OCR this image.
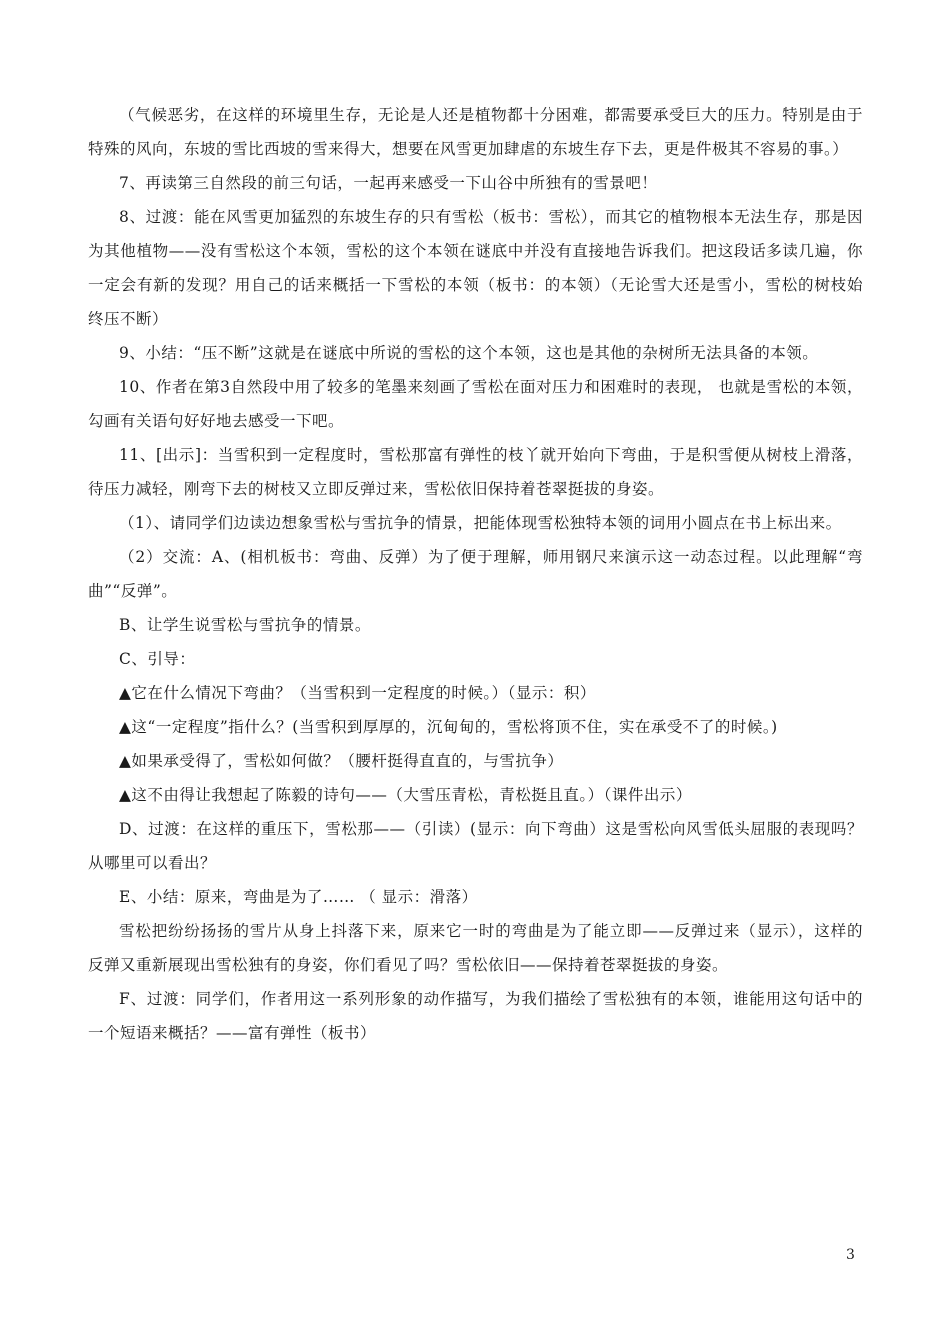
（气候恶劣，在这样的环境里生存，无论是人还是植物都十分困难，都需要承受巨大的压力。特别是由于特殊的风向，东坡的雪比西坡的雪来得大，想要在风雪更加肆虐的东坡生存下去，更是件极其不容易的事。）

7、再读第三自然段的前三句话，一起再来感受一下山谷中所独有的雪景吧！

8、过渡：能在风雪更加猛烈的东坡生存的只有雪松（板书：雪松），而其它的植物根本无法生存，那是因为其他植物——没有雪松这个本领，雪松的这个本领在谜底中并没有直接地告诉我们。把这段话多读几遍，你一定会有新的发现？用自己的话来概括一下雪松的本领（板书：的本领）（无论雪大还是雪小，雪松的树枝始终压不断）

9、小结：“压不断”这就是在谜底中所说的雪松的这个本领，这也是其他的杂树所无法具备的本领。

10、作者在第3自然段中用了较多的笔墨来刻画了雪松在面对压力和困难时的表现， 也就是雪松的本领，勾画有关语句好好地去感受一下吧。

11、[出示]：当雪积到一定程度时，雪松那富有弹性的枝丫就开始向下弯曲，于是积雪便从树枝上滑落，待压力减轻，刚弯下去的树枝又立即反弹过来，雪松依旧保持着苍翠挺拔的身姿。

（1）、请同学们边读边想象雪松与雪抗争的情景，把能体现雪松独特本领的词用小圆点在书上标出来。

（2）交流：A、(相机板书：弯曲、反弹）为了便于理解，师用钢尺来演示这一动态过程。以此理解“弯曲”“反弹”。

B、让学生说雪松与雪抗争的情景。

C、引导：

▲它在什么情况下弯曲？（当雪积到一定程度的时候。）（显示：积）

▲这“一定程度”指什么？(当雪积到厚厚的，沉甸甸的，雪松将顶不住，实在承受不了的时候。)

▲如果承受得了，雪松如何做？（腰杆挺得直直的，与雪抗争）

▲这不由得让我想起了陈毅的诗句——（大雪压青松，青松挺且直。）（课件出示）

D、过渡：在这样的重压下，雪松那——（引读）(显示：向下弯曲）这是雪松向风雪低头屈服的表现吗？从哪里可以看出？

E、小结：原来，弯曲是为了…… （ 显示：滑落）

雪松把纷纷扬扬的雪片从身上抖落下来，原来它一时的弯曲是为了能立即——反弹过来（显示），这样的反弹又重新展现出雪松独有的身姿，你们看见了吗？雪松依旧——保持着苍翠挺拔的身姿。

F、过渡：同学们，作者用这一系列形象的动作描写，为我们描绘了雪松独有的本领，谁能用这句话中的一个短语来概括？——富有弹性（板书）

3
